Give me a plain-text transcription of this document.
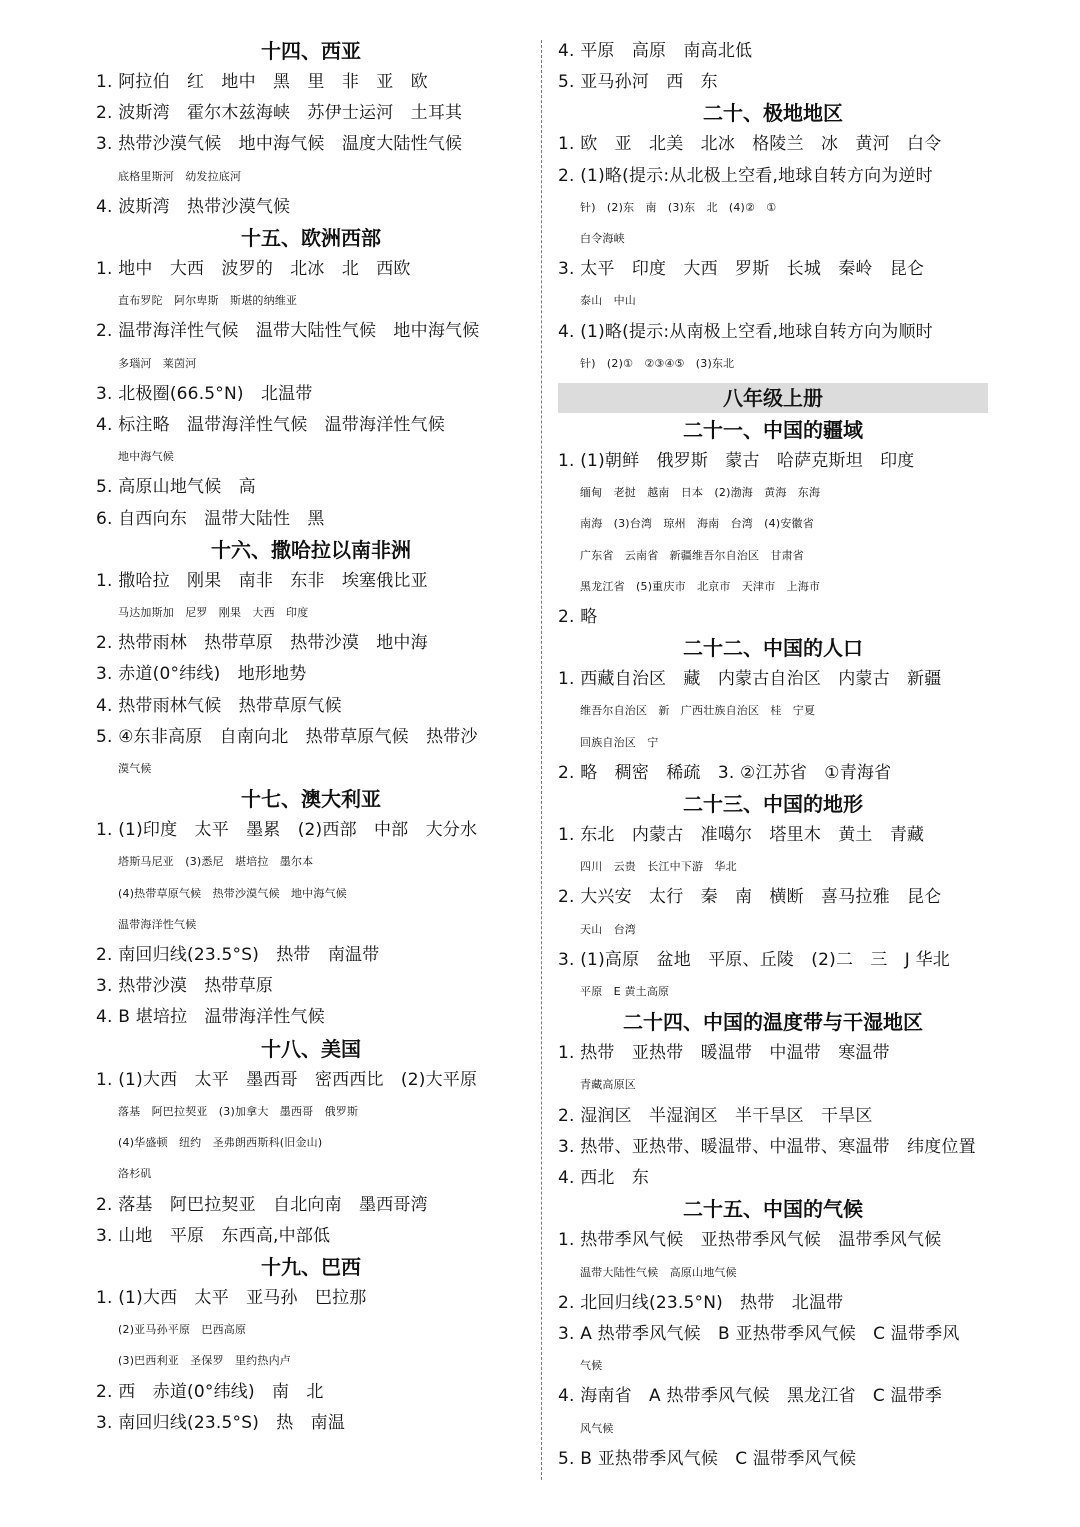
十四、西亚
1. 阿拉伯　红　地中　黑　里　非　亚　欧
2. 波斯湾　霍尔木兹海峡　苏伊士运河　土耳其
3. 热带沙漠气候　地中海气候　温度大陆性气候
底格里斯河　幼发拉底河
4. 波斯湾　热带沙漠气候
十五、欧洲西部
1. 地中　大西　波罗的　北冰　北　西欧
直布罗陀　阿尔卑斯　斯堪的纳维亚
2. 温带海洋性气候　温带大陆性气候　地中海气候
多瑙河　莱茵河
3. 北极圈(66.5°N)　北温带
4. 标注略　温带海洋性气候　温带海洋性气候
地中海气候
5. 高原山地气候　高
6. 自西向东　温带大陆性　黑
十六、撒哈拉以南非洲
1. 撒哈拉　刚果　南非　东非　埃塞俄比亚
马达加斯加　尼罗　刚果　大西　印度
2. 热带雨林　热带草原　热带沙漠　地中海
3. 赤道(0°纬线)　地形地势
4. 热带雨林气候　热带草原气候
5. ④东非高原　自南向北　热带草原气候　热带沙
漠气候
十七、澳大利亚
1. (1)印度　太平　墨累　(2)西部　中部　大分水
塔斯马尼亚　(3)悉尼　堪培拉　墨尔本
(4)热带草原气候　热带沙漠气候　地中海气候
温带海洋性气候
2. 南回归线(23.5°S)　热带　南温带
3. 热带沙漠　热带草原
4. B 堪培拉　温带海洋性气候
十八、美国
1. (1)大西　太平　墨西哥　密西西比　(2)大平原
落基　阿巴拉契亚　(3)加拿大　墨西哥　俄罗斯
(4)华盛顿　纽约　圣弗朗西斯科(旧金山)
洛杉矶
2. 落基　阿巴拉契亚　自北向南　墨西哥湾
3. 山地　平原　东西高,中部低
十九、巴西
1. (1)大西　太平　亚马孙　巴拉那
(2)亚马孙平原　巴西高原
(3)巴西利亚　圣保罗　里约热内卢
2. 西　赤道(0°纬线)　南　北
3. 南回归线(23.5°S)　热　南温
4. 平原　高原　南高北低
5. 亚马孙河　西　东
二十、极地地区
1. 欧　亚　北美　北冰　格陵兰　冰　黄河　白令
2. (1)略(提示:从北极上空看,地球自转方向为逆时
针)　(2)东　南　(3)东　北　(4)②　①
白令海峡
3. 太平　印度　大西　罗斯　长城　秦岭　昆仑
泰山　中山
4. (1)略(提示:从南极上空看,地球自转方向为顺时
针)　(2)①　②③④⑤　(3)东北
八年级上册
二十一、中国的疆域
1. (1)朝鲜　俄罗斯　蒙古　哈萨克斯坦　印度
缅甸　老挝　越南　日本　(2)渤海　黄海　东海
南海　(3)台湾　琼州　海南　台湾　(4)安徽省
广东省　云南省　新疆维吾尔自治区　甘肃省
黑龙江省　(5)重庆市　北京市　天津市　上海市
2. 略
二十二、中国的人口
1. 西藏自治区　藏　内蒙古自治区　内蒙古　新疆
维吾尔自治区　新　广西壮族自治区　桂　宁夏
回族自治区　宁
2. 略　稠密　稀疏　3. ②江苏省　①青海省
二十三、中国的地形
1. 东北　内蒙古　准噶尔　塔里木　黄土　青藏
四川　云贵　长江中下游　华北
2. 大兴安　太行　秦　南　横断　喜马拉雅　昆仑
天山　台湾
3. (1)高原　盆地　平原、丘陵　(2)二　三　J 华北
平原　E 黄土高原
二十四、中国的温度带与干湿地区
1. 热带　亚热带　暖温带　中温带　寒温带
青藏高原区
2. 湿润区　半湿润区　半干旱区　干旱区
3. 热带、亚热带、暖温带、中温带、寒温带　纬度位置
4. 西北　东
二十五、中国的气候
1. 热带季风气候　亚热带季风气候　温带季风气候
温带大陆性气候　高原山地气候
2. 北回归线(23.5°N)　热带　北温带
3. A 热带季风气候　B 亚热带季风气候　C 温带季风
气候
4. 海南省　A 热带季风气候　黑龙江省　C 温带季
风气候
5. B 亚热带季风气候　C 温带季风气候
